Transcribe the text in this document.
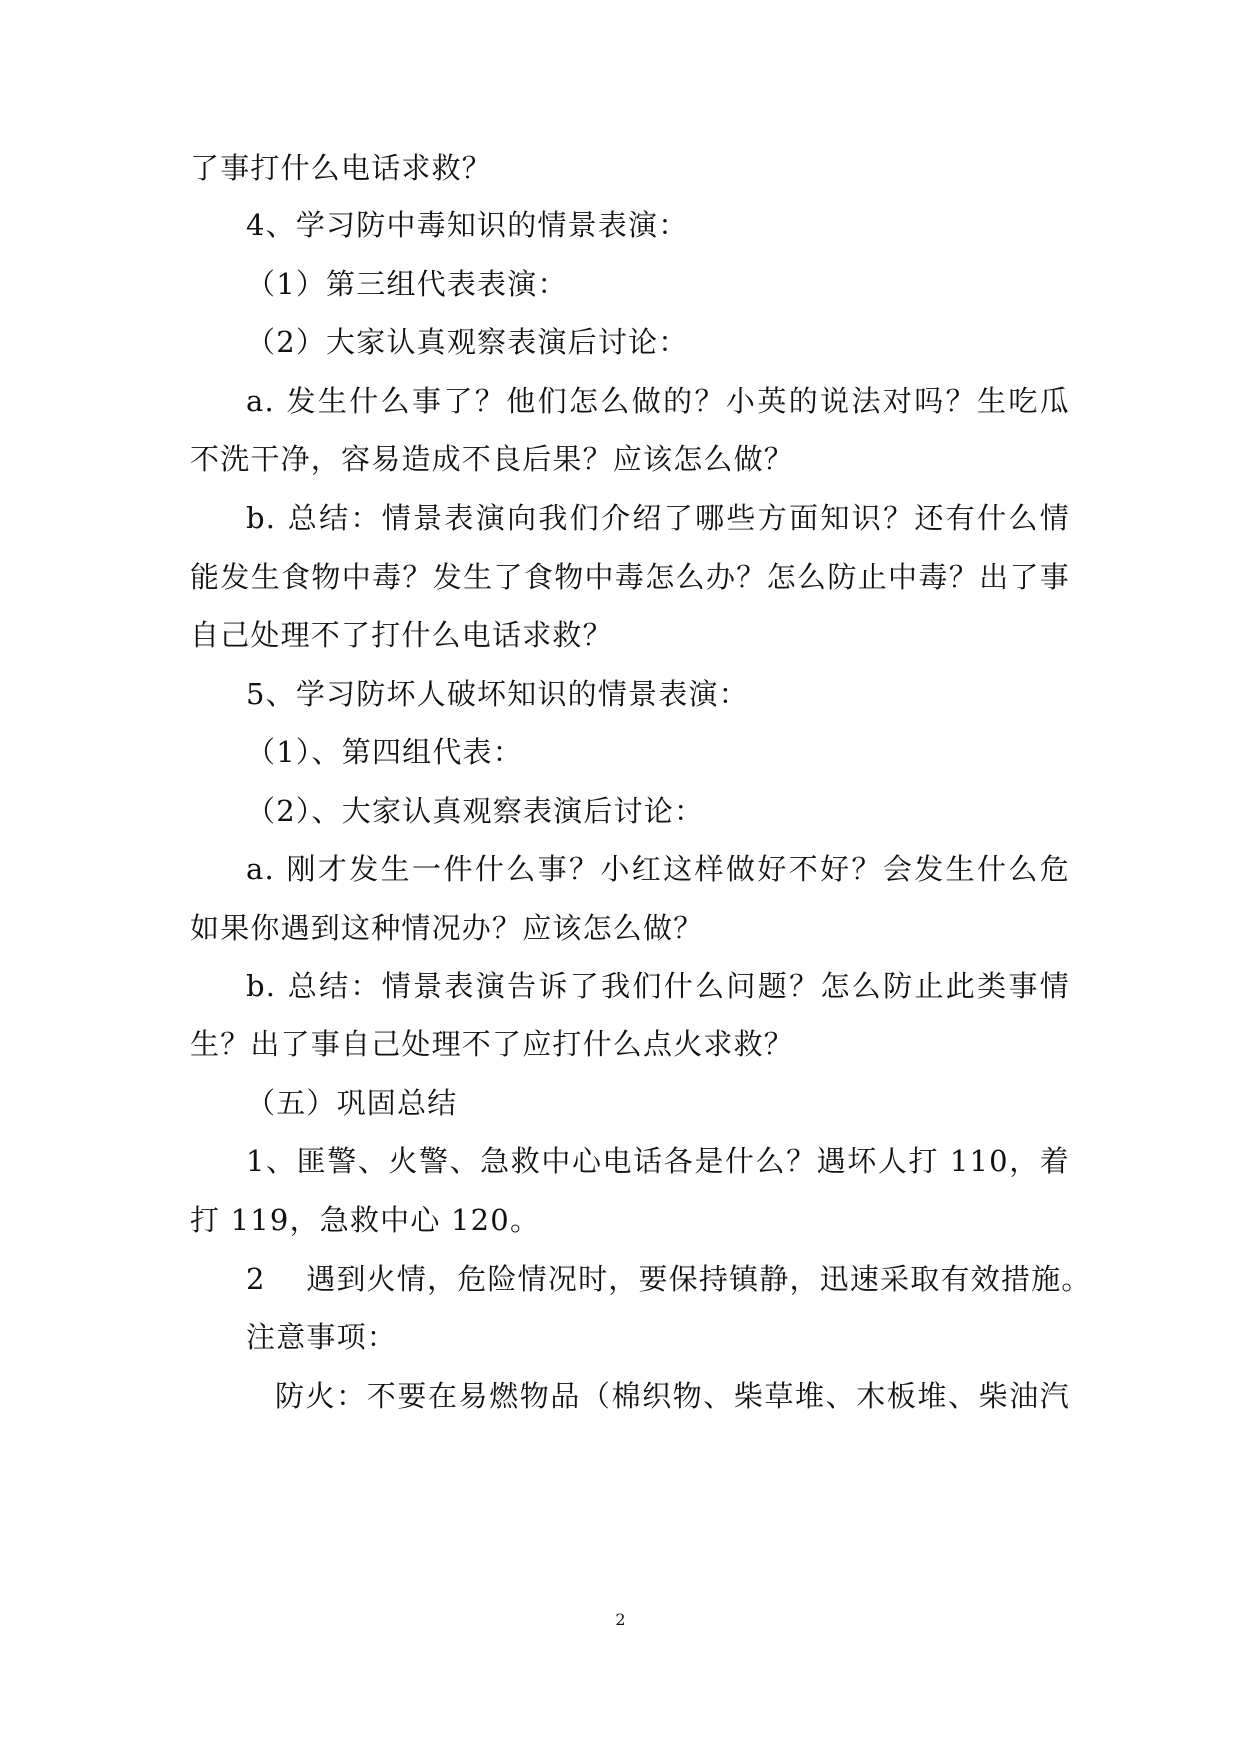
了事打什么电话求救？
4、学习防中毒知识的情景表演：
（1）第三组代表表演：
（2）大家认真观察表演后讨论：
a. 发生什么事了？他们怎么做的？小英的说法对吗？生吃瓜
不洗干净，容易造成不良后果？应该怎么做？
b. 总结：情景表演向我们介绍了哪些方面知识？还有什么情
能发生食物中毒？发生了食物中毒怎么办？怎么防止中毒？出了事
自己处理不了打什么电话求救？
5、学习防坏人破坏知识的情景表演：
（1）、第四组代表：
（2）、大家认真观察表演后讨论：
a. 刚才发生一件什么事？小红这样做好不好？会发生什么危
如果你遇到这种情况办？应该怎么做？
b. 总结：情景表演告诉了我们什么问题？怎么防止此类事情
生？出了事自己处理不了应打什么点火求救？
（五）巩固总结
1、匪警、火警、急救中心电话各是什么？遇坏人打 110，着
打 119，急救中心 120。
2　 遇到火情，危险情况时，要保持镇静，迅速采取有效措施。
注意事项：
防火：不要在易燃物品（棉织物、柴草堆、木板堆、柴油汽
2
